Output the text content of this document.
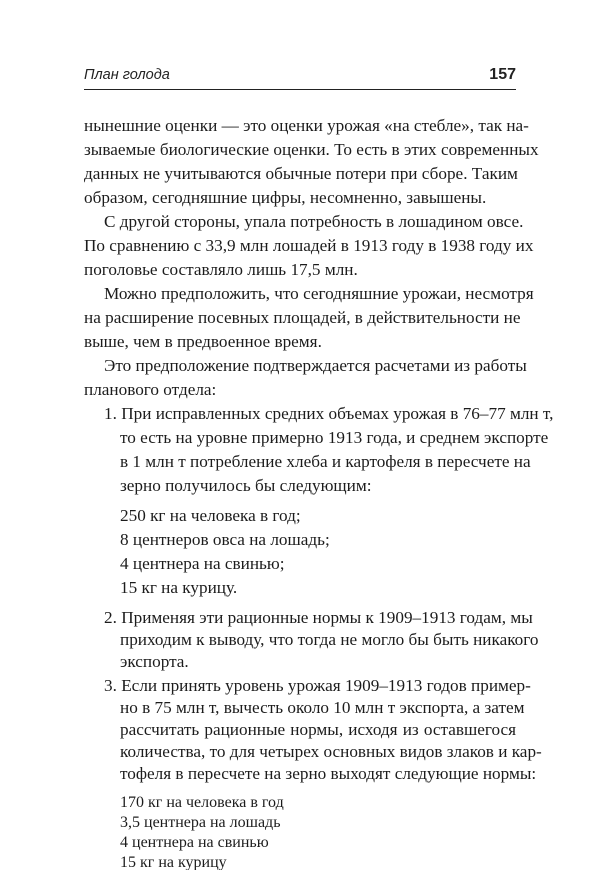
План голода	157
нынешние оценки — это оценки урожая «на стебле», так на-
зываемые биологические оценки. То есть в этих современных
данных не учитываются обычные потери при сборе. Таким
образом, сегодняшние цифры, несомненно, завышены.
С другой стороны, упала потребность в лошадином овсе.
По сравнению с 33,9 млн лошадей в 1913 году в 1938 году их
поголовье составляло лишь 17,5 млн.
Можно предположить, что сегодняшние урожаи, несмотря
на расширение посевных площадей, в действительности не
выше, чем в предвоенное время.
Это предположение подтверждается расчетами из работы
планового отдела:
1. При исправленных средних объемах урожая в 76–77 млн т,
то есть на уровне примерно 1913 года, и среднем экспорте
в 1 млн т потребление хлеба и картофеля в пересчете на
зерно получилось бы следующим:
250 кг на человека в год;
8 центнеров овса на лошадь;
4 центнера на свинью;
15 кг на курицу.
2. Применяя эти рационные нормы к 1909–1913 годам, мы
приходим к выводу, что тогда не могло бы быть никакого
экспорта.
3. Если принять уровень урожая 1909–1913 годов пример-
но в 75 млн т, вычесть около 10 млн т экспорта, а затем
рассчитать рационные нормы, исходя из оставшегося
количества, то для четырех основных видов злаков и кар-
тофеля в пересчете на зерно выходят следующие нормы:
170 кг на человека в год
3,5 центнера на лошадь
4 центнера на свинью
15 кг на курицу
